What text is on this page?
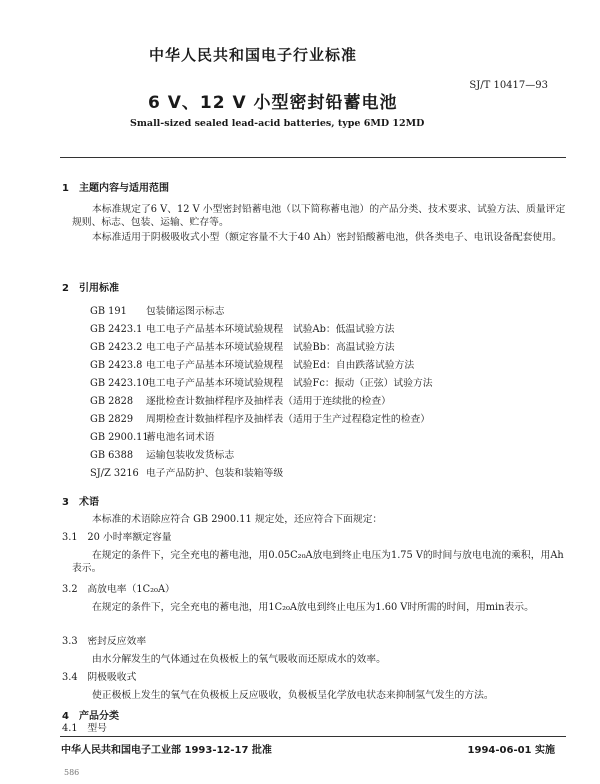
中华人民共和国电子行业标准
SJ/T 10417—93
6 V、12 V 小型密封铅蓄电池
Small-sized sealed lead-acid batteries, type 6MD 12MD
1　主题内容与适用范围
本标准规定了6 V、12 V 小型密封铅蓄电池（以下简称蓄电池）的产品分类、技术要求、试验方法、质量评定规则、标志、包装、运输、贮存等。
本标准适用于阴极吸收式小型（额定容量不大于40 Ah）密封铅酸蓄电池，供各类电子、电讯设备配套使用。
2　引用标准
GB 191 包装储运图示标志
GB 2423.1 电工电子产品基本环境试验规程　试验Ab：低温试验方法
GB 2423.2 电工电子产品基本环境试验规程　试验Bb：高温试验方法
GB 2423.8 电工电子产品基本环境试验规程　试验Ed：自由跌落试验方法
GB 2423.10电工电子产品基本环境试验规程　试验Fc：振动（正弦）试验方法
GB 2828 逐批检查计数抽样程序及抽样表（适用于连续批的检查）
GB 2829 周期检查计数抽样程序及抽样表（适用于生产过程稳定性的检查）
GB 2900.11蓄电池名词术语
GB 6388 运输包装收发货标志
SJ/Z 3216 电子产品防护、包装和装箱等级
3　术语
本标准的术语除应符合 GB 2900.11 规定处，还应符合下面规定：
3.1　20 小时率额定容量
在规定的条件下，完全充电的蓄电池，用0.05C₂₀A放电到终止电压为1.75 V的时间与放电电流的乘积，用Ah表示。
3.2　高放电率（1C₂₀A）
在规定的条件下，完全充电的蓄电池，用1C₂₀A放电到终止电压为1.60 V时所需的时间，用min表示。
3.3　密封反应效率
由水分解发生的气体通过在负极板上的氧气吸收而还原成水的效率。
3.4　阴极吸收式
使正极板上发生的氧气在负极板上反应吸收，负极板呈化学放电状态来抑制氢气发生的方法。
4　产品分类
4.1　型号
中华人民共和国电子工业部 1993-12-17 批准	1994-06-01 实施
586
